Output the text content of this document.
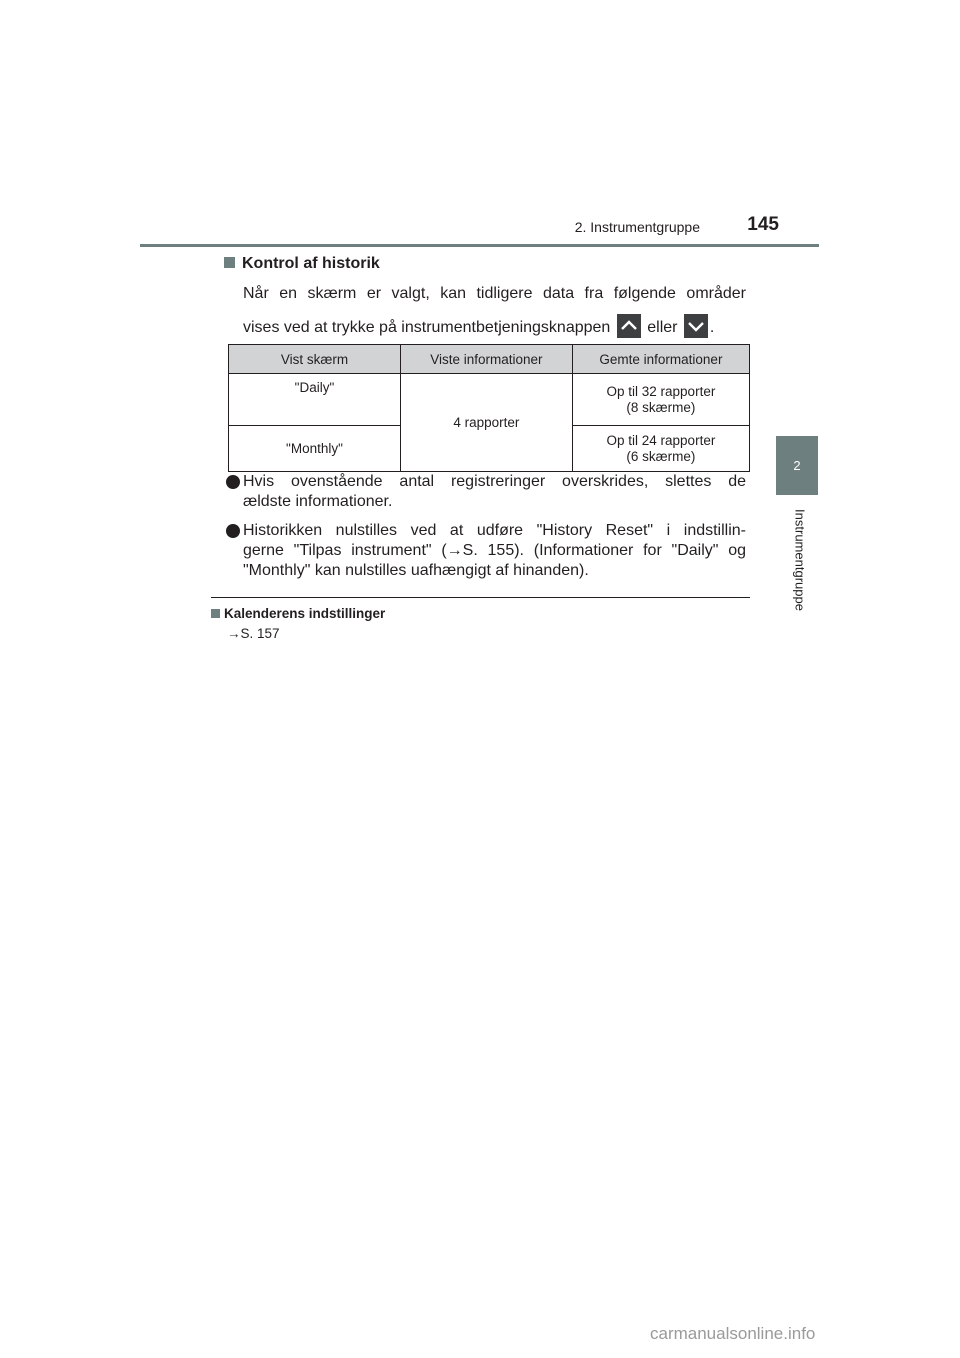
2. Instrumentgruppe	145
2
Instrumentgruppe
Kontrol af historik
Når en skærm er valgt, kan tidligere data fra følgende områder
vises ved at trykke på instrumentbetjeningsknappen eller .
Vist skærm	Viste informationer	Gemte informationer
"Daily"	4 rapporter	Op til 32 rapporter
(8 skærme)

"Monthly"		Op til 24 rapporter
(6 skærme)
Hvis ovenstående antal registreringer overskrides, slettes de
ældste informationer.
Historikken nulstilles ved at udføre "History Reset" i indstillin-
gerne "Tilpas instrument" (→S. 155). (Informationer for "Daily" og
"Monthly" kan nulstilles uafhængigt af hinanden).
Kalenderens indstillinger
→S. 157
carmanualsonline.info
